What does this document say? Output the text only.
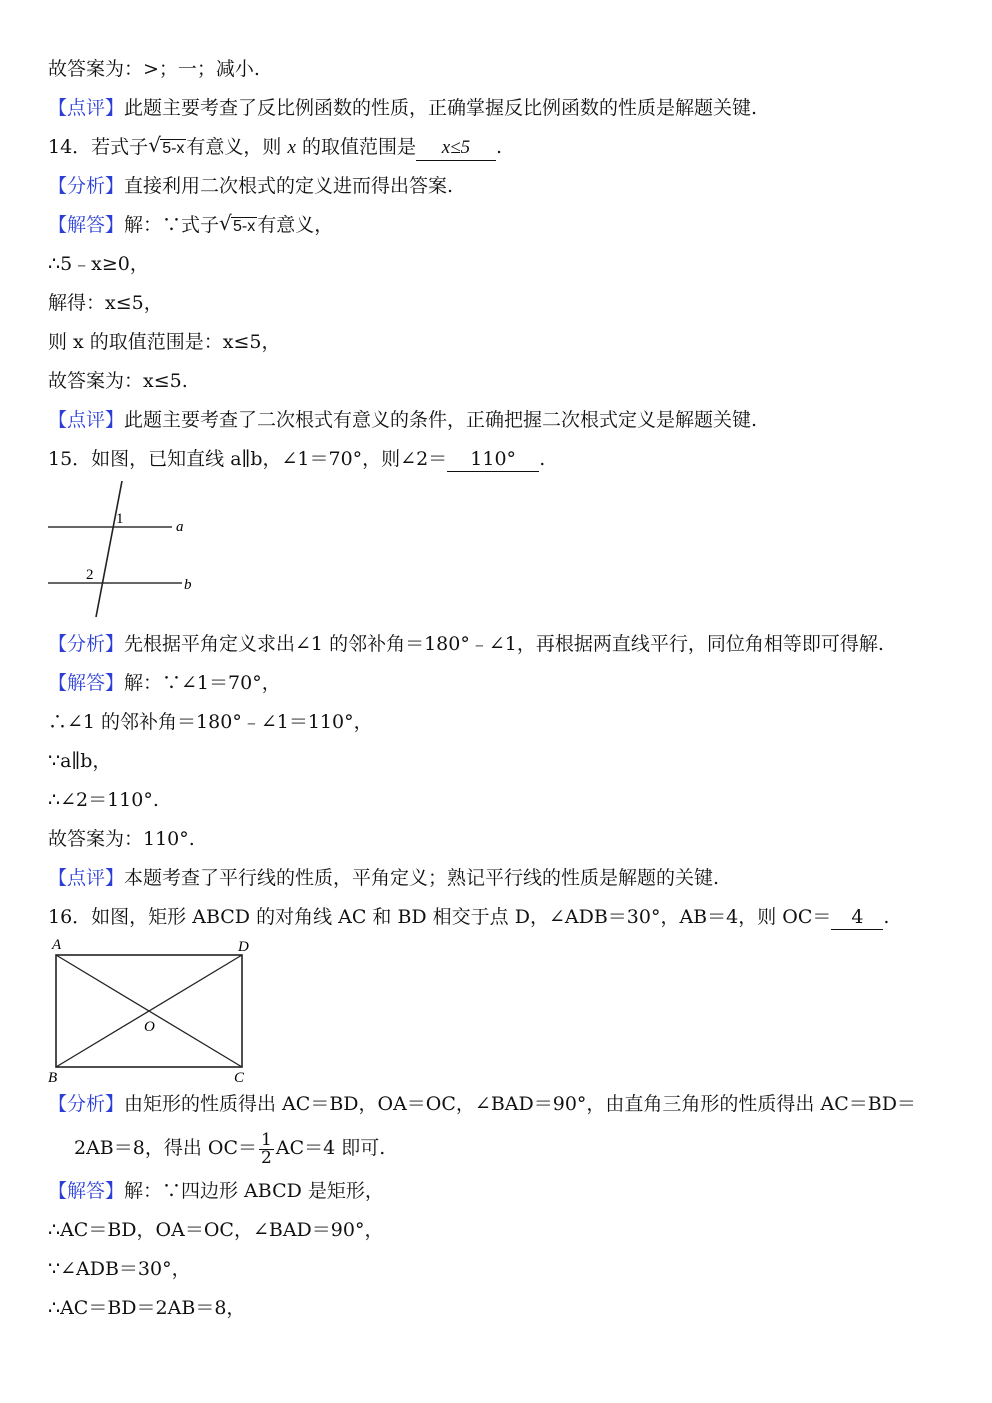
故答案为：>；一；减小.
【点评】此题主要考查了反比例函数的性质，正确掌握反比例函数的性质是解题关键.
14．若式子 √ 5-x 有意义，则 x 的取值范围是 x≤5 .
【分析】直接利用二次根式的定义进而得出答案.
【解答】解：∵式子 √ 5-x 有意义，
∴5﹣x≥0，
解得：x≤5，
则 x 的取值范围是：x≤5，
故答案为：x≤5.
【点评】此题主要考查了二次根式有意义的条件，正确把握二次根式定义是解题关键.
15．如图，已知直线 a∥b，∠1＝70°，则∠2＝ 110° .
1
2
a
b
【分析】先根据平角定义求出∠1 的邻补角＝180°﹣∠1，再根据两直线平行，同位角相等即可得解.
【解答】解：∵∠1＝70°，
∴∠1 的邻补角＝180°﹣∠1＝110°，
∵a∥b，
∴∠2＝110°.
故答案为：110°.
【点评】本题考查了平行线的性质，平角定义；熟记平行线的性质是解题的关键.
16．如图，矩形 ABCD 的对角线 AC 和 BD 相交于点 D，∠ADB＝30°，AB＝4，则 OC＝ 4 .
A	D
B	C
O
【分析】由矩形的性质得出 AC＝BD，OA＝OC，∠BAD＝90°，由直角三角形的性质得出 AC＝BD＝
2AB＝8，得出 $OC= \frac{1}{2} AC=4$ 即可.
【解答】解：∵四边形 ABCD 是矩形，
∴AC＝BD，OA＝OC，∠BAD＝90°，
∵∠ADB＝30°，
∴AC＝BD＝2AB＝8，
